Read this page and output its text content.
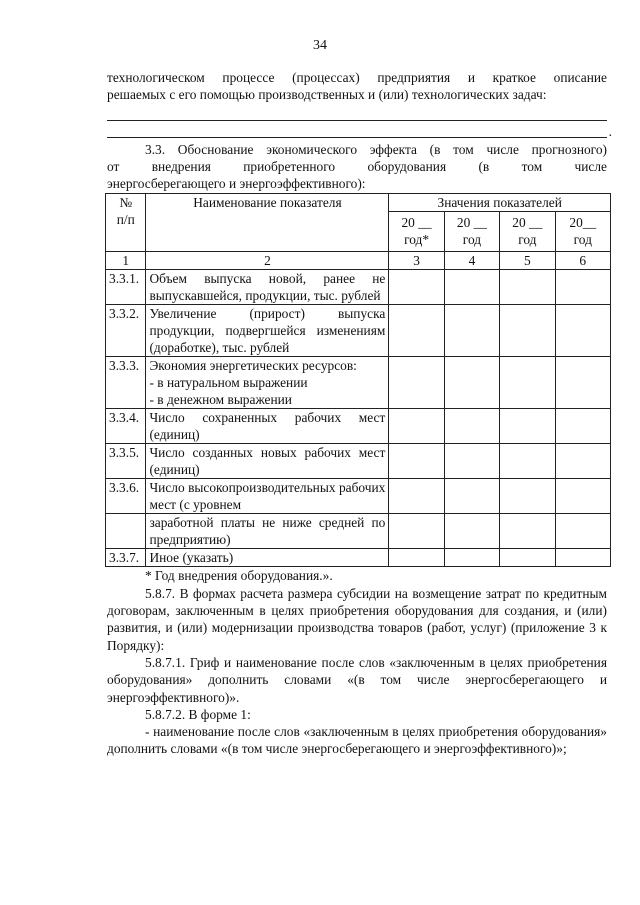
34

технологическом процессе (процессах) предприятия и краткое описание

решаемых с его помощью производственных и (или) технологических задач:

.

3.3. Обоснование экономического эффекта (в том числе прогнозного)

от внедрения приобретенного оборудования (в том числе

энергосберегающего и энергоэффективного):

№ п/п	Наименование показателя	Значения показателей			
		20 __ год*	20 __ год	20 __ год	20__ год
1	2	3	4	5	6
3.3.1.	Объем выпуска новой, ранее не выпускавшейся, продукции, тыс. рублей				
3.3.2.	Увеличение (прирост) выпуска продукции, подвергшейся изменениям (доработке), тыс. рублей				
3.3.3.	Экономия энергетических ресурсов:
- в натуральном выражении
- в денежном выражении				

3.3.4.	Число сохраненных рабочих мест (единиц)				
3.3.5.	Число созданных новых рабочих мест (единиц)				
3.3.6.	Число высокопроизводительных рабочих мест (с уровнем				
	заработной платы не ниже средней по предприятию)				
3.3.7.	Иное (указать)				

* Год внедрения оборудования.».

5.8.7. В формах расчета размера субсидии на возмещение затрат по кредитным договорам, заключенным в целях приобретения оборудования для создания, и (или) развития, и (или) модернизации производства товаров (работ, услуг) (приложение 3 к Порядку):

5.8.7.1. Гриф и наименование после слов «заключенным в целях приобретения оборудования» дополнить словами «(в том числе энергосберегающего и энергоэффективного)».

5.8.7.2. В форме 1:

- наименование после слов «заключенным в целях приобретения оборудования» дополнить словами «(в том числе энергосберегающего и энергоэффективного)»;
